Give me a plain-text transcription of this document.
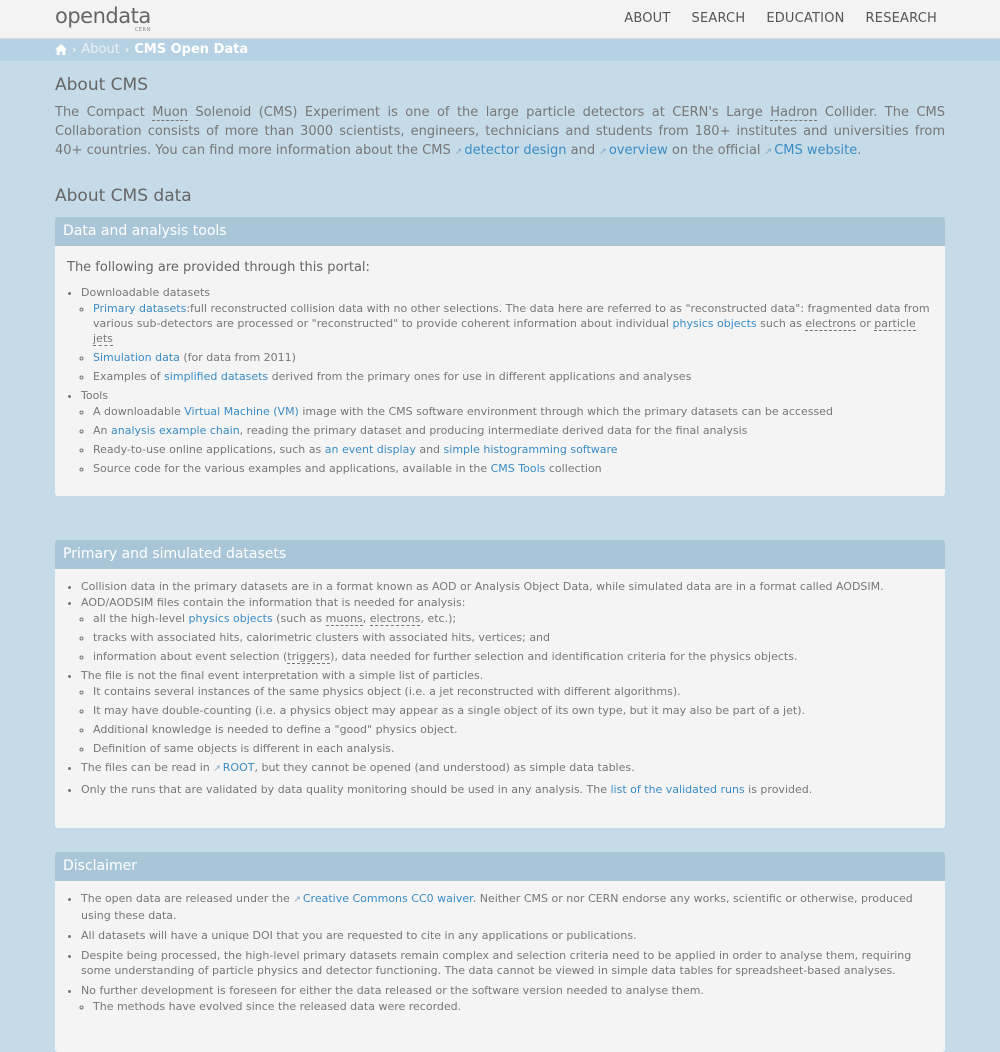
opendata
CERN
ABOUT SEARCH EDUCATION RESEARCH
› About › CMS Open Data
About CMS

The Compact Muon Solenoid (CMS) Experiment is one of the large particle detectors at CERN's Large Hadron Collider. The CMS Collaboration consists of more than 3000 scientists, engineers, technicians and students from 180+ institutes and universities from 40+ countries. You can find more information about the CMS ↗ detector design and ↗ overview on the official ↗ CMS website.

About CMS data
Data and analysis tools
The following are provided through this portal:
• Downloadable datasets
◦ Primary datasets:full reconstructed collision data with no other selections. The data here are referred to as "reconstructed data": fragmented data from various sub-detectors are processed or "reconstructed" to provide coherent information about individual physics objects such as electrons or particle jets
◦ Simulation data (for data from 2011)
◦ Examples of simplified datasets derived from the primary ones for use in different applications and analyses
• Tools
◦ A downloadable Virtual Machine (VM) image with the CMS software environment through which the primary datasets can be accessed
◦ An analysis example chain, reading the primary dataset and producing intermediate derived data for the final analysis
◦ Ready-to-use online applications, such as an event display and simple histogramming software
◦ Source code for the various examples and applications, available in the CMS Tools collection
Primary and simulated datasets
• Collision data in the primary datasets are in a format known as AOD or Analysis Object Data, while simulated data are in a format called AODSIM.
• AOD/AODSIM files contain the information that is needed for analysis:
◦ all the high-level physics objects (such as muons, electrons, etc.);
◦ tracks with associated hits, calorimetric clusters with associated hits, vertices; and
◦ information about event selection (triggers), data needed for further selection and identification criteria for the physics objects.
• The file is not the final event interpretation with a simple list of particles.
◦ It contains several instances of the same physics object (i.e. a jet reconstructed with different algorithms).
◦ It may have double-counting (i.e. a physics object may appear as a single object of its own type, but it may also be part of a jet).
◦ Additional knowledge is needed to define a "good" physics object.
◦ Definition of same objects is different in each analysis.
• The files can be read in ↗ ROOT, but they cannot be opened (and understood) as simple data tables.
• Only the runs that are validated by data quality monitoring should be used in any analysis. The list of the validated runs is provided.
Disclaimer
• The open data are released under the ↗ Creative Commons CC0 waiver. Neither CMS or nor CERN endorse any works, scientific or otherwise, produced using these data.
• All datasets will have a unique DOI that you are requested to cite in any applications or publications.
• Despite being processed, the high-level primary datasets remain complex and selection criteria need to be applied in order to analyse them, requiring some understanding of particle physics and detector functioning. The data cannot be viewed in simple data tables for spreadsheet-based analyses.
• No further development is foreseen for either the data released or the software version needed to analyse them.
◦ The methods have evolved since the released data were recorded.
